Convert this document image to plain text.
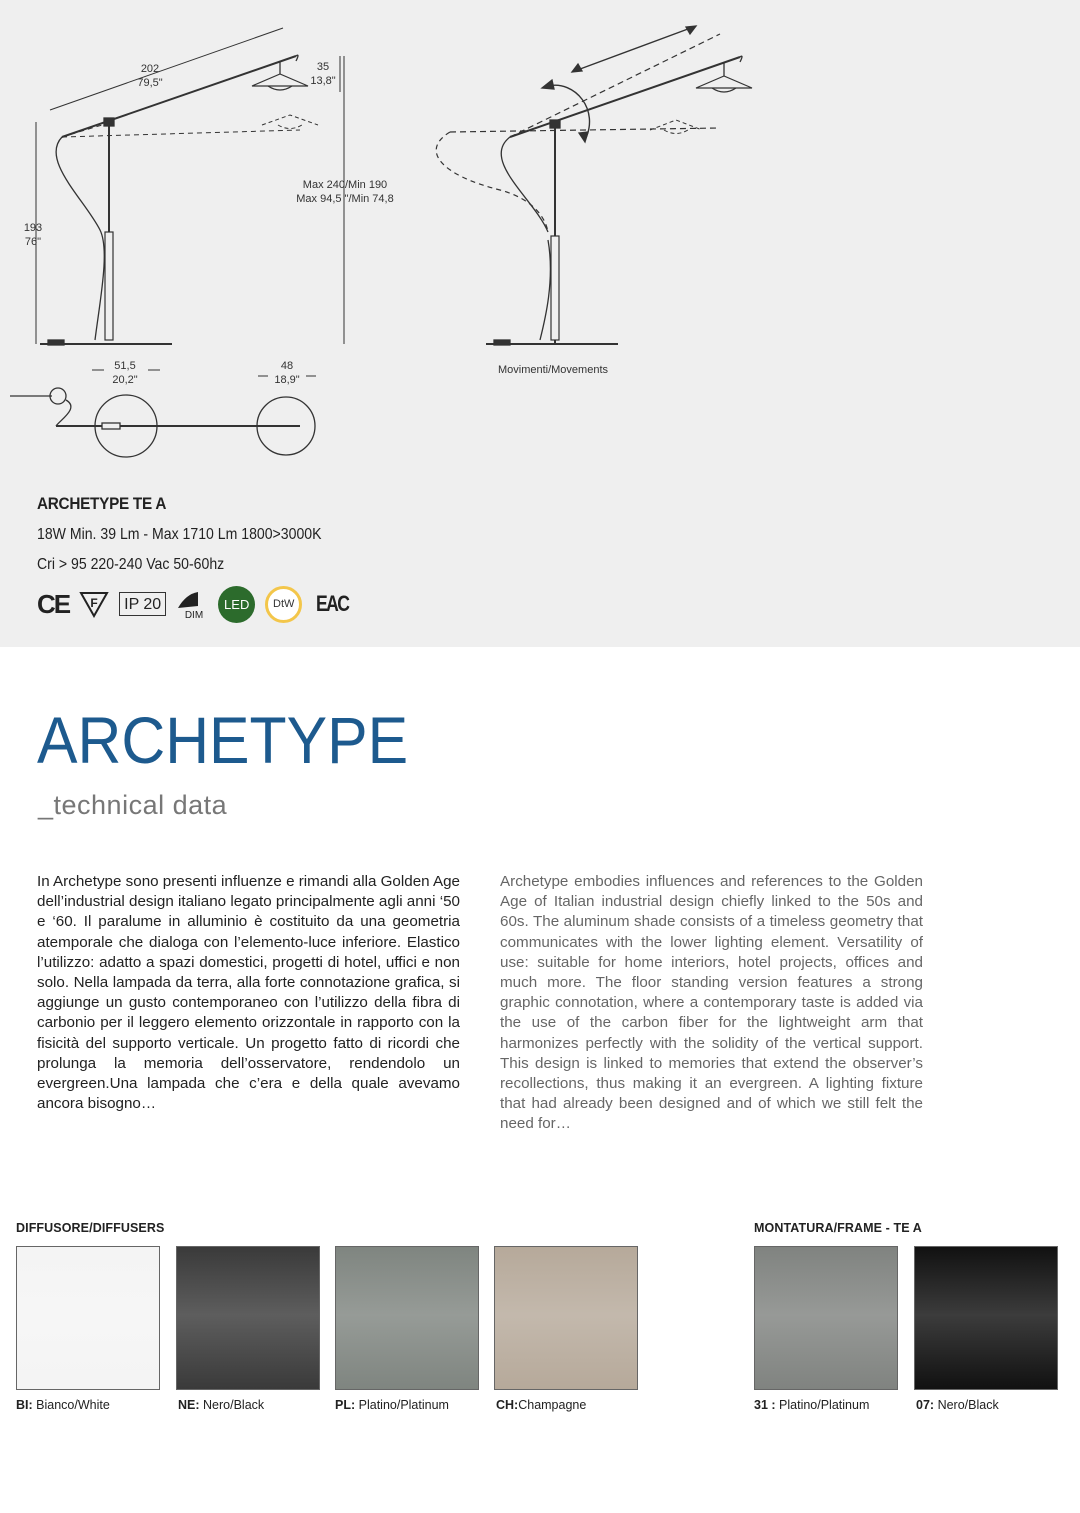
202
79,5"
35
13,8"
Max 240/Min 190
Max 94,5 "/Min 74,8
193
76"
51,5
20,2"
48
18,9"
Movimenti/Movements
ARCHETYPE TE A
18W Min. 39 Lm - Max 1710 Lm 1800>3000K
Cri > 95 220-240 Vac 50-60hz
CE F	IP 20
DIM
LED	DtW EAC
ARCHETYPE
_technical data

In Archetype sono presenti influenze e rimandi alla Golden Age dell’industrial design italiano legato principalmente agli anni ‘50 e ‘60. Il paralume in alluminio è costituito da una geometria atemporale che dialoga con l’elemento-luce inferiore. Elastico l’utilizzo: adatto a spazi domestici, progetti di hotel, uffici e non solo. Nella lampada da terra, alla forte connotazione grafica, si aggiunge un gusto contemporaneo con l’utilizzo della fibra di carbonio per il leggero elemento orizzontale in rapporto con la fisicità del supporto verticale. Un progetto fatto di ricordi che prolunga la memoria dell’osservatore, rendendolo un evergreen.Una lampada che c’era e della quale avevamo ancora bisogno…

Archetype embodies influences and references to the Golden Age of Italian industrial design chiefly linked to the 50s and 60s. The aluminum shade consists of a timeless geometry that communicates with the lower lighting element. Versatility of use: suitable for home interiors, hotel projects, offices and much more. The floor standing version features a strong graphic connotation, where a contemporary taste is added via the use of the carbon fiber for the lightweight arm that harmonizes perfectly with the solidity of the vertical support. This design is linked to memories that extend the observer’s recollections, thus making it an evergreen. A lighting fixture that had already been designed and of which we still felt the need for…

DIFFUSORE/DIFFUSERS	MONTATURA/FRAME - TE A
BI: Bianco/White	NE: Nero/Black	PL: Platino/Platinum	CH:Champagne	31 : Platino/Platinum	07: Nero/Black
